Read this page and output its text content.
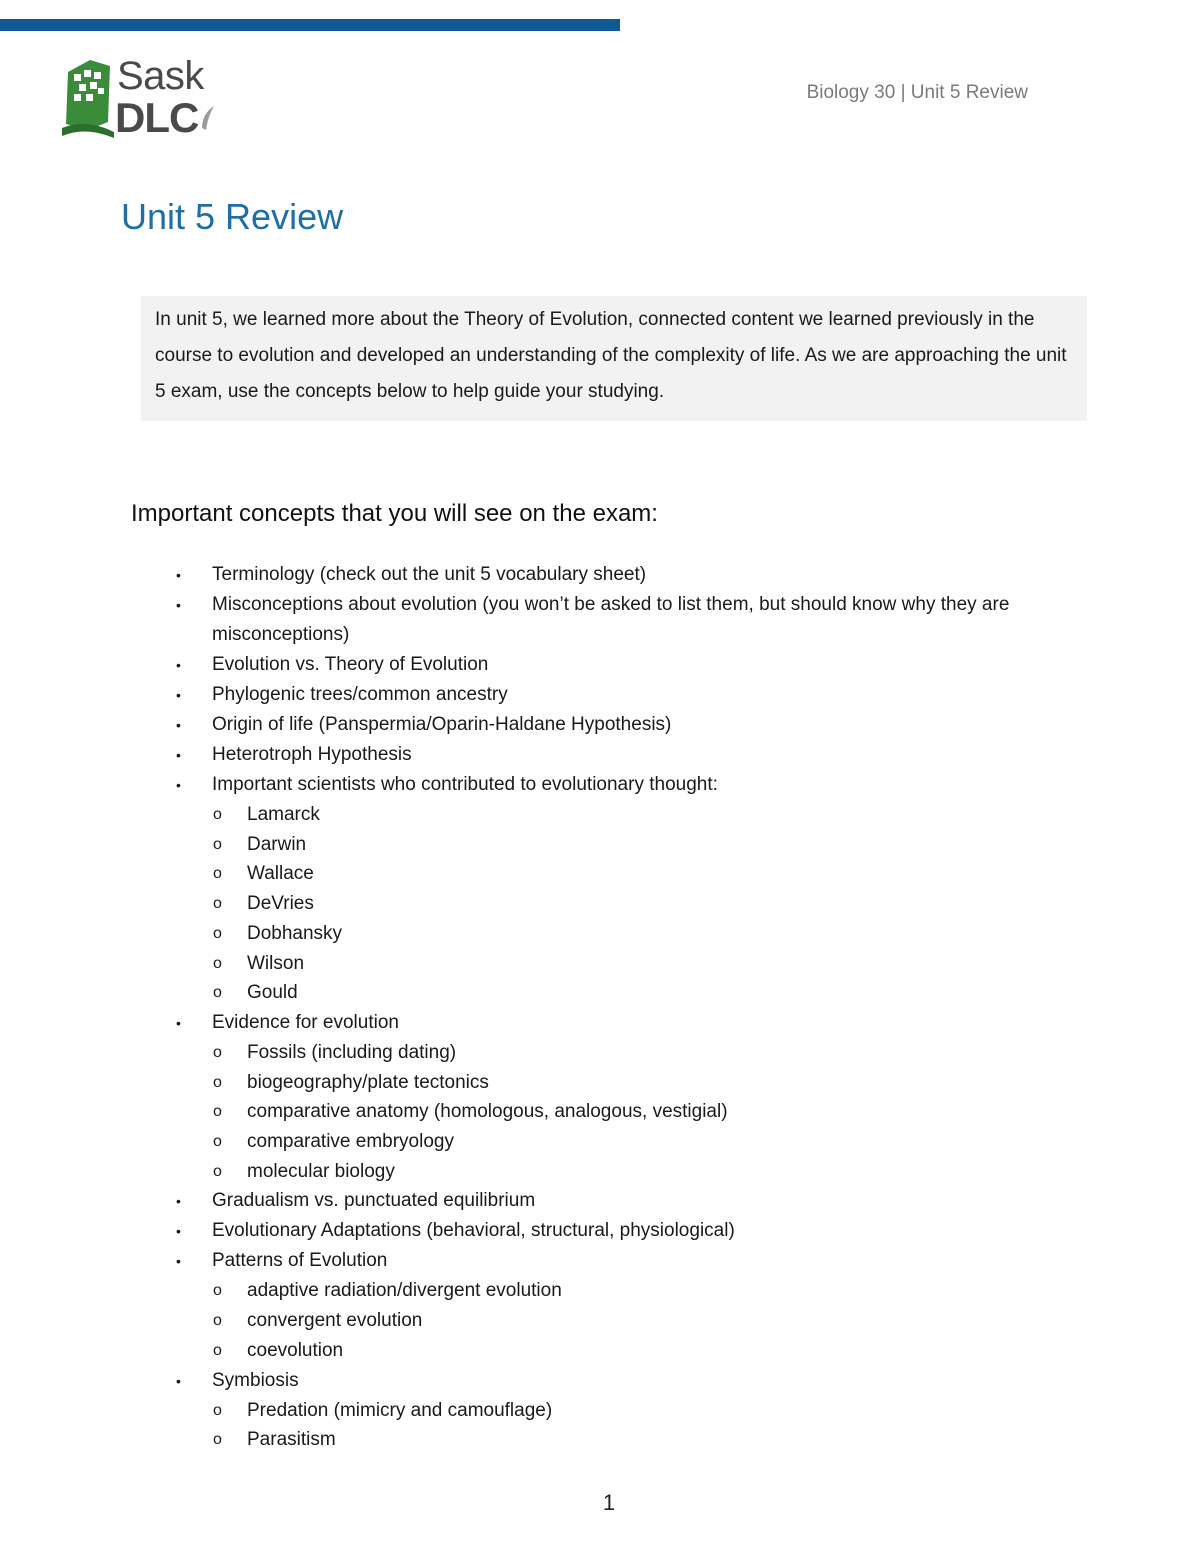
Sask
DLC
Biology 30 | Unit 5 Review
Unit 5 Review

In unit 5, we learned more about the Theory of Evolution, connected content we learned previously in the course to evolution and developed an understanding of the complexity of life. As we are approaching the unit 5 exam, use the concepts below to help guide your studying.

Important concepts that you will see on the exam:
• Terminology (check out the unit 5 vocabulary sheet)
• Misconceptions about evolution (you won’t be asked to list them, but should know why they are misconceptions)
• Evolution vs. Theory of Evolution
• Phylogenic trees/common ancestry
• Origin of life (Panspermia/Oparin-Haldane Hypothesis)
• Heterotroph Hypothesis
• Important scientists who contributed to evolutionary thought:
o Lamarck
o Darwin
o Wallace
o DeVries
o Dobhansky
o Wilson
o Gould
• Evidence for evolution
o Fossils (including dating)
o biogeography/plate tectonics
o comparative anatomy (homologous, analogous, vestigial)
o comparative embryology
o molecular biology
• Gradualism vs. punctuated equilibrium
• Evolutionary Adaptations (behavioral, structural, physiological)
• Patterns of Evolution
o adaptive radiation/divergent evolution
o convergent evolution
o coevolution
• Symbiosis
o Predation (mimicry and camouflage)
o Parasitism
1
